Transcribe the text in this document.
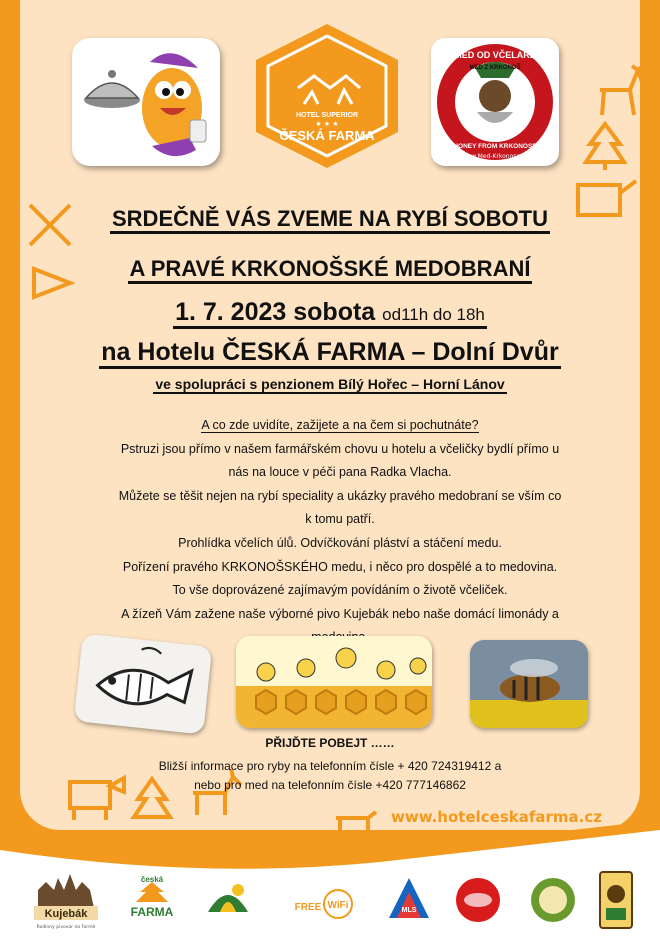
HOTEL SUPERIOR
★ ★ ★
ČESKÁ FARMA
MED OD VČELAŘE
MED Z KRKONOŠ
HONEY FROM KRKONOSE
www.Med-Krkonose.cz
SRDEČNĚ VÁS ZVEME NA RYBÍ SOBOTU
A PRAVÉ KRKONOŠSKÉ MEDOBRANÍ
1. 7. 2023 sobota od11h do 18h
na Hotelu ČESKÁ FARMA – Dolní Dvůr
ve spolupráci s penzionem Bílý Hořec – Horní Lánov
A co zde uvidíte, zažijete a na čem si pochutnáte?
Pstruzi jsou přímo v našem farmářském chovu u hotelu a včeličky bydlí přímo u
nás na louce v péči pana Radka Vlacha.
Můžete se těšit nejen na rybí speciality a ukázky pravého medobraní se vším co
k tomu patří.
Prohlídka včelích úlů. Odvíčkování pláství a stáčení medu.
Pořízení pravého KRKONOŠSKÉHO medu, i něco pro dospělé a to medovina.
To vše doprovázené zajímavým povídáním o životě včeliček.
A žízeň Vám zažene naše výborné pivo Kujebák nebo naše domácí limonády a
PŘIJĎTE POBEJT ……
Bližší informace pro ryby na telefonním čísle + 420 724319412 a
nebo pro med na telefonním čísle +420 777146862
www.hotelceskafarma.cz
Kujebák
Rodinný pivovar na Farmě
česká
FARMA	FREE WiFi	MLS
